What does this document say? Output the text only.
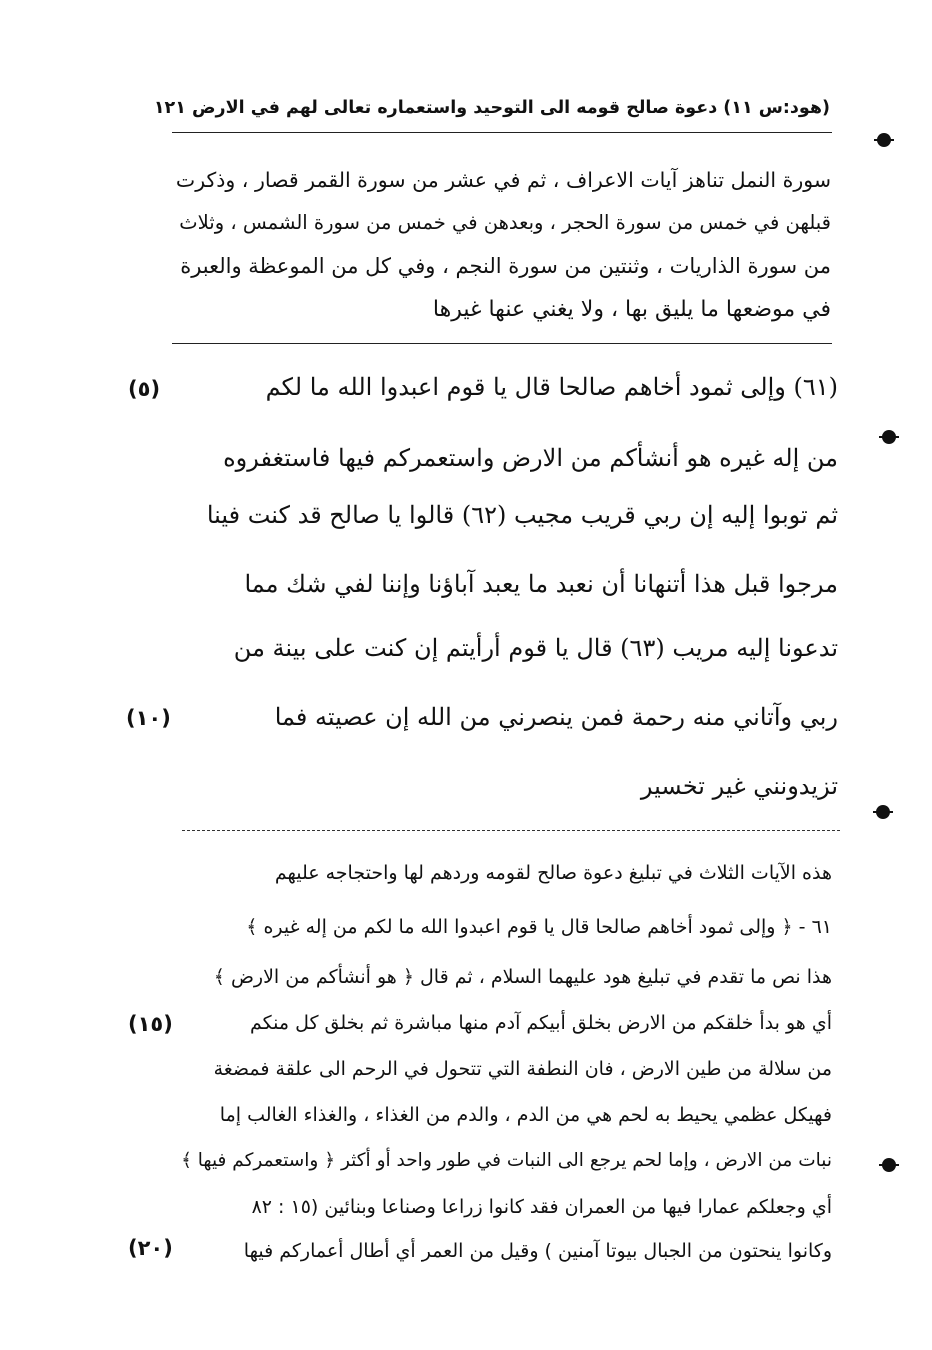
(هود:س ١١) دعوة صالح قومه الى التوحيد واستعماره تعالى لهم في الارض ١٢١
سورة النمل تناهز آيات الاعراف ، ثم في عشر من سورة القمر قصار ، وذكرت
قبلهن في خمس من سورة الحجر ، وبعدهن في خمس من سورة الشمس ، وثلاث
من سورة الذاريات ، وثنتين من سورة النجم ، وفي كل من الموعظة والعبرة
في موضعها ما يليق بها ، ولا يغني عنها غيرها
(٦١) وإلى ثمود أخاهم صالحا قال يا قوم اعبدوا الله ما لكم
من إله غيره هو أنشأكم من الارض واستعمركم فيها فاستغفروه
ثم توبوا إليه إن ربي قريب مجيب (٦٢) قالوا يا صالح قد كنت فينا
مرجوا قبل هذا أتنهانا أن نعبد ما يعبد آباؤنا وإننا لفي شك مما
تدعونا إليه مريب (٦٣) قال يا قوم أرأيتم إن كنت على بينة من
ربي وآتاني منه رحمة فمن ينصرني من الله إن عصيته فما
تزيدونني غير تخسير
هذه الآيات الثلاث في تبليغ دعوة صالح لقومه وردهم لها واحتجاجه عليهم
٦١ - ﴿ وإلى ثمود أخاهم صالحا قال يا قوم اعبدوا الله ما لكم من إله غيره ﴾
هذا نص ما تقدم في تبليغ هود عليهما السلام ، ثم قال ﴿ هو أنشأكم من الارض ﴾
أي هو بدأ خلقكم من الارض بخلق أبيكم آدم منها مباشرة ثم بخلق كل منكم
من سلالة من طين الارض ، فان النطفة التي تتحول في الرحم الى علقة فمضغة
فهيكل عظمي يحيط به لحم هي من الدم ، والدم من الغذاء ، والغذاء الغالب إما
نبات من الارض ، وإما لحم يرجع الى النبات في طور واحد أو أكثر ﴿ واستعمركم فيها ﴾
أي وجعلكم عمارا فيها من العمران فقد كانوا زراعا وصناعا وبنائين (١٥ : ٨٢
وكانوا ينحتون من الجبال بيوتا آمنين ) وقيل من العمر أي أطال أعماركم فيها
(٥)
(١٠)
(١٥)
(٢٠)
